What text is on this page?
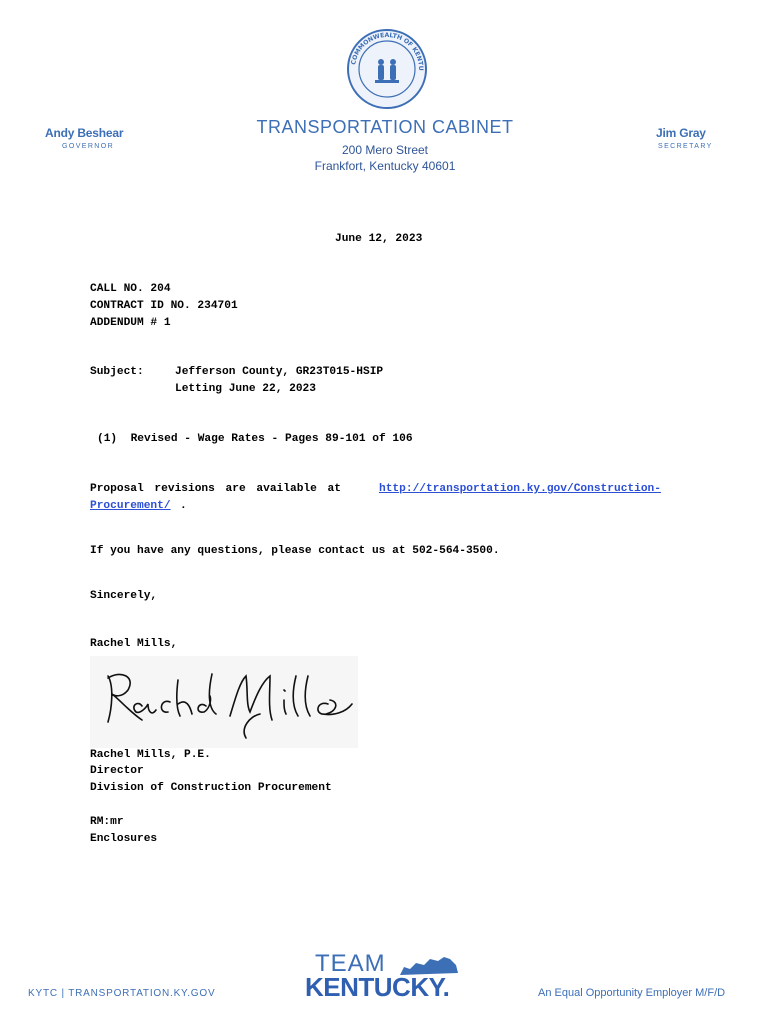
COMMONWEALTH OF KENTU
Andy Beshear
GOVERNOR
TRANSPORTATION CABINET
200 Mero Street
Frankfort, Kentucky 40601
Jim Gray
SECRETARY
June 12, 2023
CALL NO. 204
CONTRACT ID NO. 234701
ADDENDUM # 1
Subject:	Jefferson County, GR23T015-HSIP
Letting June 22, 2023
(1)  Revised - Wage Rates - Pages 89-101 of 106
Proposal revisions are available at	http://transportation.ky.gov/Construction-
Procurement/ .
If you have any questions, please contact us at 502-564-3500.
Sincerely,
Rachel Mills,
Rachel Mills, P.E.
Director
Division of Construction Procurement
RM:mr
Enclosures
KYTC | TRANSPORTATION.KY.GOV
TEAM
KENTUCKY.	An Equal Opportunity Employer M/F/D
